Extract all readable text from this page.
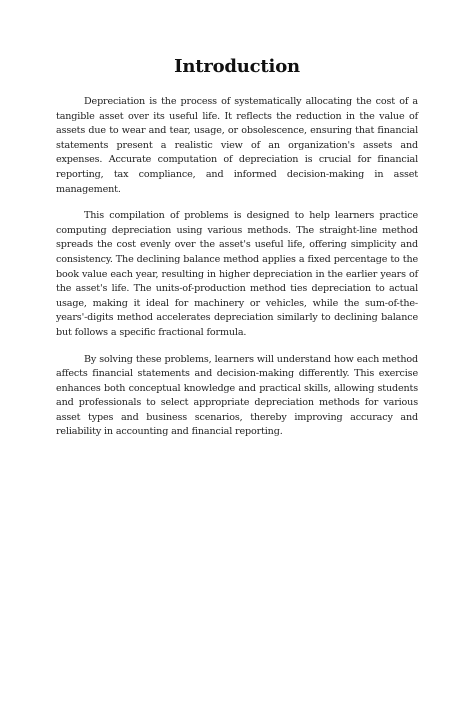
Introduction

Depreciation is the process of systematically allocating the cost of a tangible asset over its useful life. It reflects the reduction in the value of assets due to wear and tear, usage, or obsolescence, ensuring that financial statements present a realistic view of an organization's assets and expenses. Accurate computation of depreciation is crucial for financial reporting, tax compliance, and informed decision-making in asset management.

This compilation of problems is designed to help learners practice computing depreciation using various methods. The straight-line method spreads the cost evenly over the asset's useful life, offering simplicity and consistency. The declining balance method applies a fixed percentage to the book value each year, resulting in higher depreciation in the earlier years of the asset's life. The units-of-production method ties depreciation to actual usage, making it ideal for machinery or vehicles, while the sum-of-the-years'-digits method accelerates depreciation similarly to declining balance but follows a specific fractional formula.

By solving these problems, learners will understand how each method affects financial statements and decision-making differently. This exercise enhances both conceptual knowledge and practical skills, allowing students and professionals to select appropriate depreciation methods for various asset types and business scenarios, thereby improving accuracy and reliability in accounting and financial reporting.
